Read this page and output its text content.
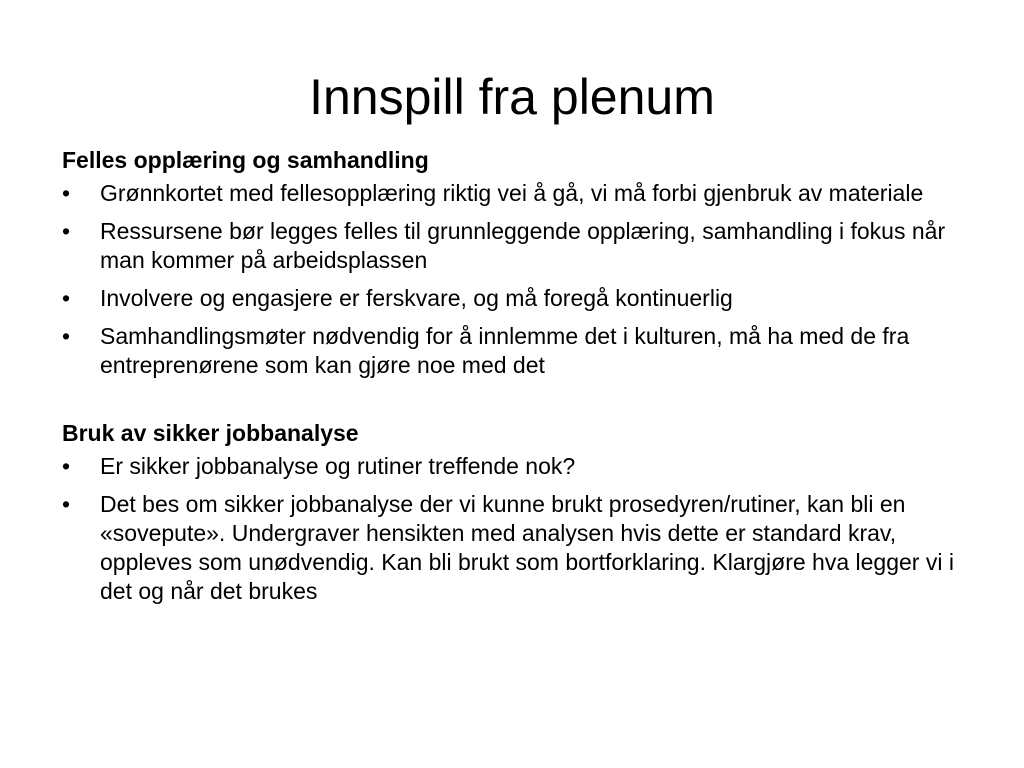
Innspill fra plenum

Felles opplæring og samhandling

• Grønnkortet med fellesopplæring riktig vei å gå, vi må forbi gjenbruk av materiale
• Ressursene bør legges felles til grunnleggende opplæring, samhandling i fokus når man kommer på arbeidsplassen
• Involvere og engasjere er ferskvare, og må foregå kontinuerlig
• Samhandlingsmøter nødvendig for å innlemme det i kulturen, må ha med de fra entreprenørene som kan gjøre noe med det

Bruk av sikker jobbanalyse

• Er sikker jobbanalyse og rutiner treffende nok?
• Det bes om sikker jobbanalyse der vi kunne brukt prosedyren/rutiner, kan bli en «sovepute». Undergraver hensikten med analysen hvis dette er standard krav, oppleves som unødvendig. Kan bli brukt som bortforklaring. Klargjøre hva legger vi i det og når det brukes
